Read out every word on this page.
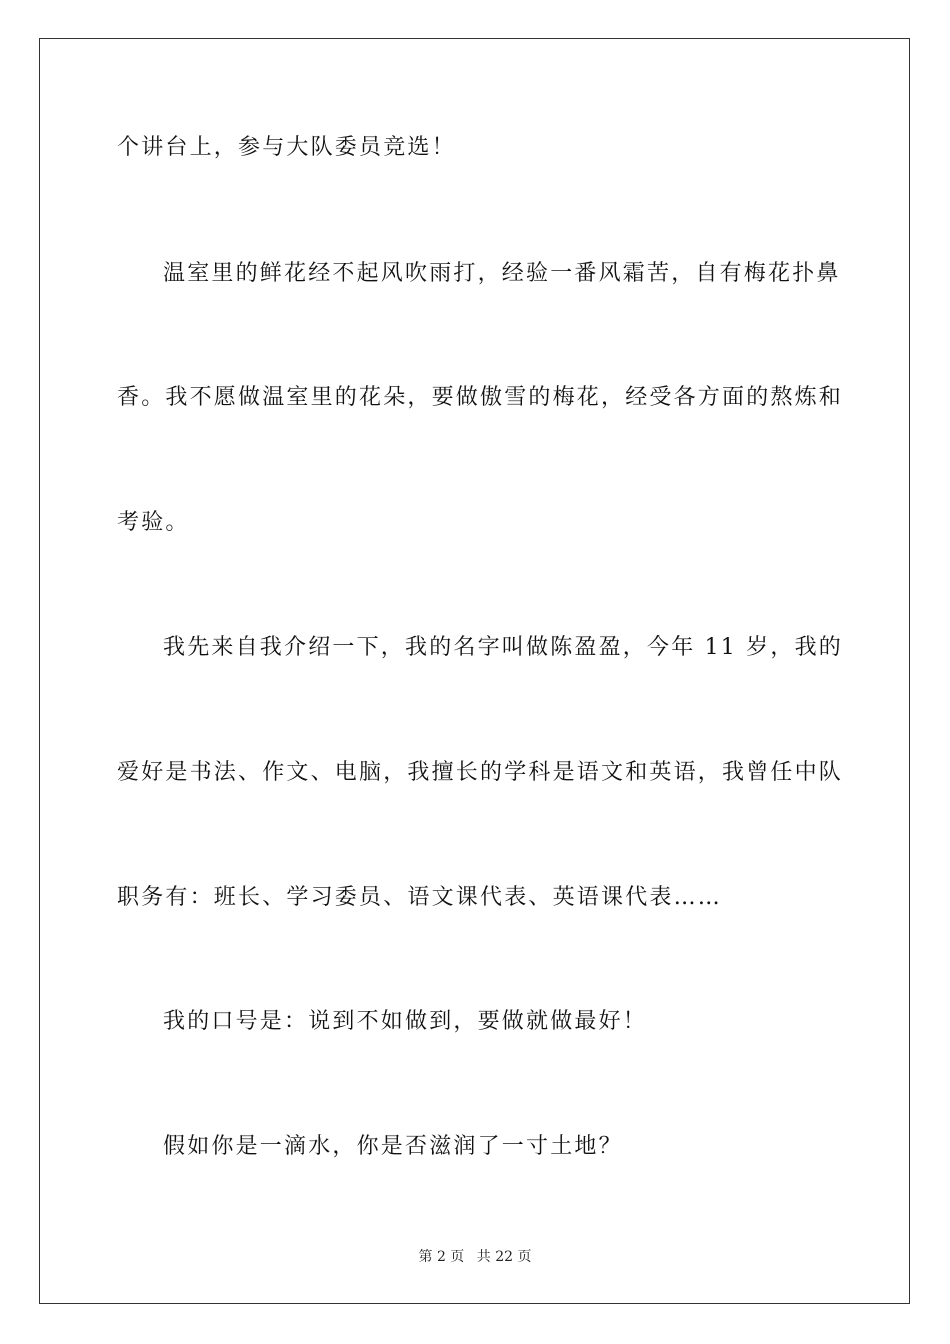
个讲台上，参与大队委员竞选！
温室里的鲜花经不起风吹雨打，经验一番风霜苦，自有梅花扑鼻
香。我不愿做温室里的花朵，要做傲雪的梅花，经受各方面的熬炼和
考验。
我先来自我介绍一下，我的名字叫做陈盈盈，今年 11 岁，我的
爱好是书法、作文、电脑，我擅长的学科是语文和英语，我曾任中队
职务有：班长、学习委员、语文课代表、英语课代表……
我的口号是：说到不如做到，要做就做最好！
假如你是一滴水，你是否滋润了一寸土地？
第 2 页 共 22 页
